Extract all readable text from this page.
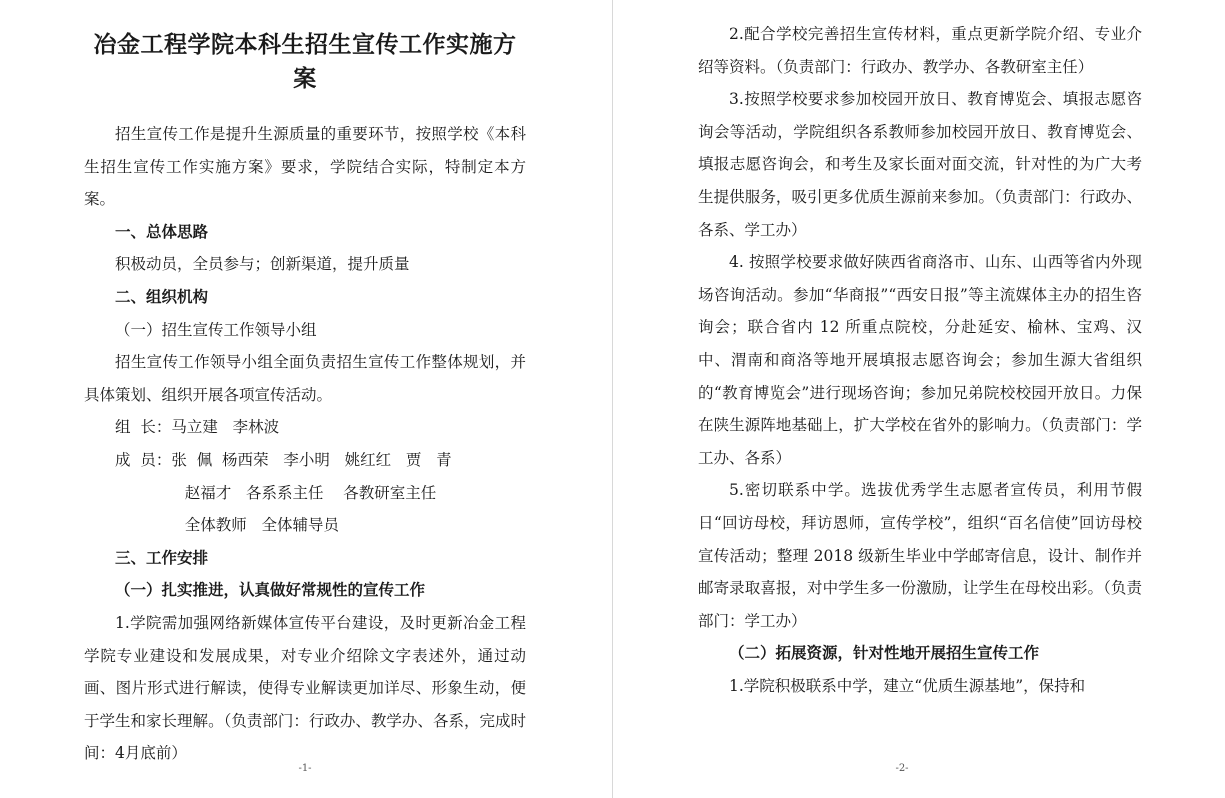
冶金工程学院本科生招生宣传工作实施方案

招生宣传工作是提升生源质量的重要环节，按照学校《本科生招生宣传工作实施方案》要求，学院结合实际，特制定本方案。

一、总体思路

积极动员，全员参与；创新渠道，提升质量

二、组织机构

（一）招生宣传工作领导小组

招生宣传工作领导小组全面负责招生宣传工作整体规划，并具体策划、组织开展各项宣传活动。

组  长：马立建   李林波

成  员：张  佩  杨西荣   李小明   姚红红   贾   青

赵福才   各系系主任    各教研室主任

全体教师   全体辅导员

三、工作安排

（一）扎实推进，认真做好常规性的宣传工作

1.学院需加强网络新媒体宣传平台建设，及时更新冶金工程学院专业建设和发展成果，对专业介绍除文字表述外，通过动画、图片形式进行解读，使得专业解读更加详尽、形象生动，便于学生和家长理解。（负责部门：行政办、教学办、各系，完成时间：4月底前）

-1-

2.配合学校完善招生宣传材料，重点更新学院介绍、专业介绍等资料。（负责部门：行政办、教学办、各教研室主任）

3.按照学校要求参加校园开放日、教育博览会、填报志愿咨询会等活动，学院组织各系教师参加校园开放日、教育博览会、填报志愿咨询会，和考生及家长面对面交流，针对性的为广大考生提供服务，吸引更多优质生源前来参加。（负责部门：行政办、各系、学工办）

4. 按照学校要求做好陕西省商洛市、山东、山西等省内外现场咨询活动。参加“华商报”“西安日报”等主流媒体主办的招生咨询会；联合省内 12 所重点院校，分赴延安、榆林、宝鸡、汉中、渭南和商洛等地开展填报志愿咨询会；参加生源大省组织的“教育博览会”进行现场咨询；参加兄弟院校校园开放日。力保在陕生源阵地基础上，扩大学校在省外的影响力。（负责部门：学工办、各系）

5.密切联系中学。选拔优秀学生志愿者宣传员，利用节假日“回访母校，拜访恩师，宣传学校”，组织“百名信使”回访母校宣传活动；整理 2018 级新生毕业中学邮寄信息，设计、制作并邮寄录取喜报，对中学生多一份激励，让学生在母校出彩。（负责部门：学工办）

（二）拓展资源，针对性地开展招生宣传工作

1.学院积极联系中学，建立“优质生源基地”，保持和

-2-
